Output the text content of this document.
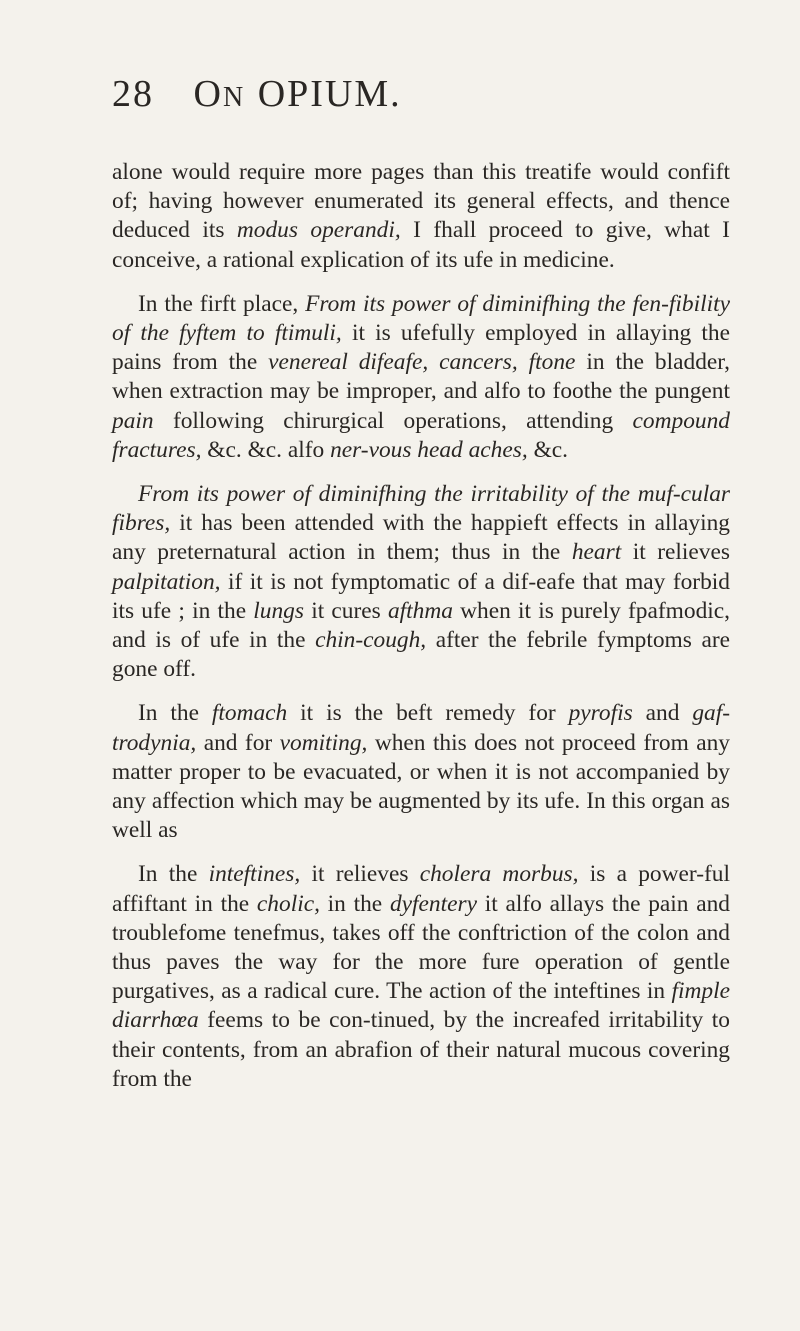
28 ON OPIUM.

alone would require more pages than this treatife would confift of; having however enumerated its general effects, and thence deduced its modus operandi, I fhall proceed to give, what I conceive, a rational explication of its ufe in medicine.

In the firft place, From its power of diminifhing the fen-fibility of the fyftem to ftimuli, it is ufefully employed in allaying the pains from the venereal difeafe, cancers, ftone in the bladder, when extraction may be improper, and alfo to foothe the pungent pain following chirurgical operations, attending compound fractures, &c. &c. alfo ner-vous head aches, &c.

From its power of diminifhing the irritability of the muf-cular fibres, it has been attended with the happieft effects in allaying any preternatural action in them; thus in the heart it relieves palpitation, if it is not fymptomatic of a dif-eafe that may forbid its ufe ; in the lungs it cures afthma when it is purely fpafmodic, and is of ufe in the chin-cough, after the febrile fymptoms are gone off.

In the ftomach it is the beft remedy for pyrofis and gaf-trodynia, and for vomiting, when this does not proceed from any matter proper to be evacuated, or when it is not accompanied by any affection which may be augmented by its ufe. In this organ as well as

In the inteftines, it relieves cholera morbus, is a power-ful affiftant in the cholic, in the dyfentery it alfo allays the pain and troublefome tenefmus, takes off the conftriction of the colon and thus paves the way for the more fure operation of gentle purgatives, as a radical cure. The action of the inteftines in fimple diarrhœa feems to be con-tinued, by the increafed irritability to their contents, from an abrafion of their natural mucous covering from the
